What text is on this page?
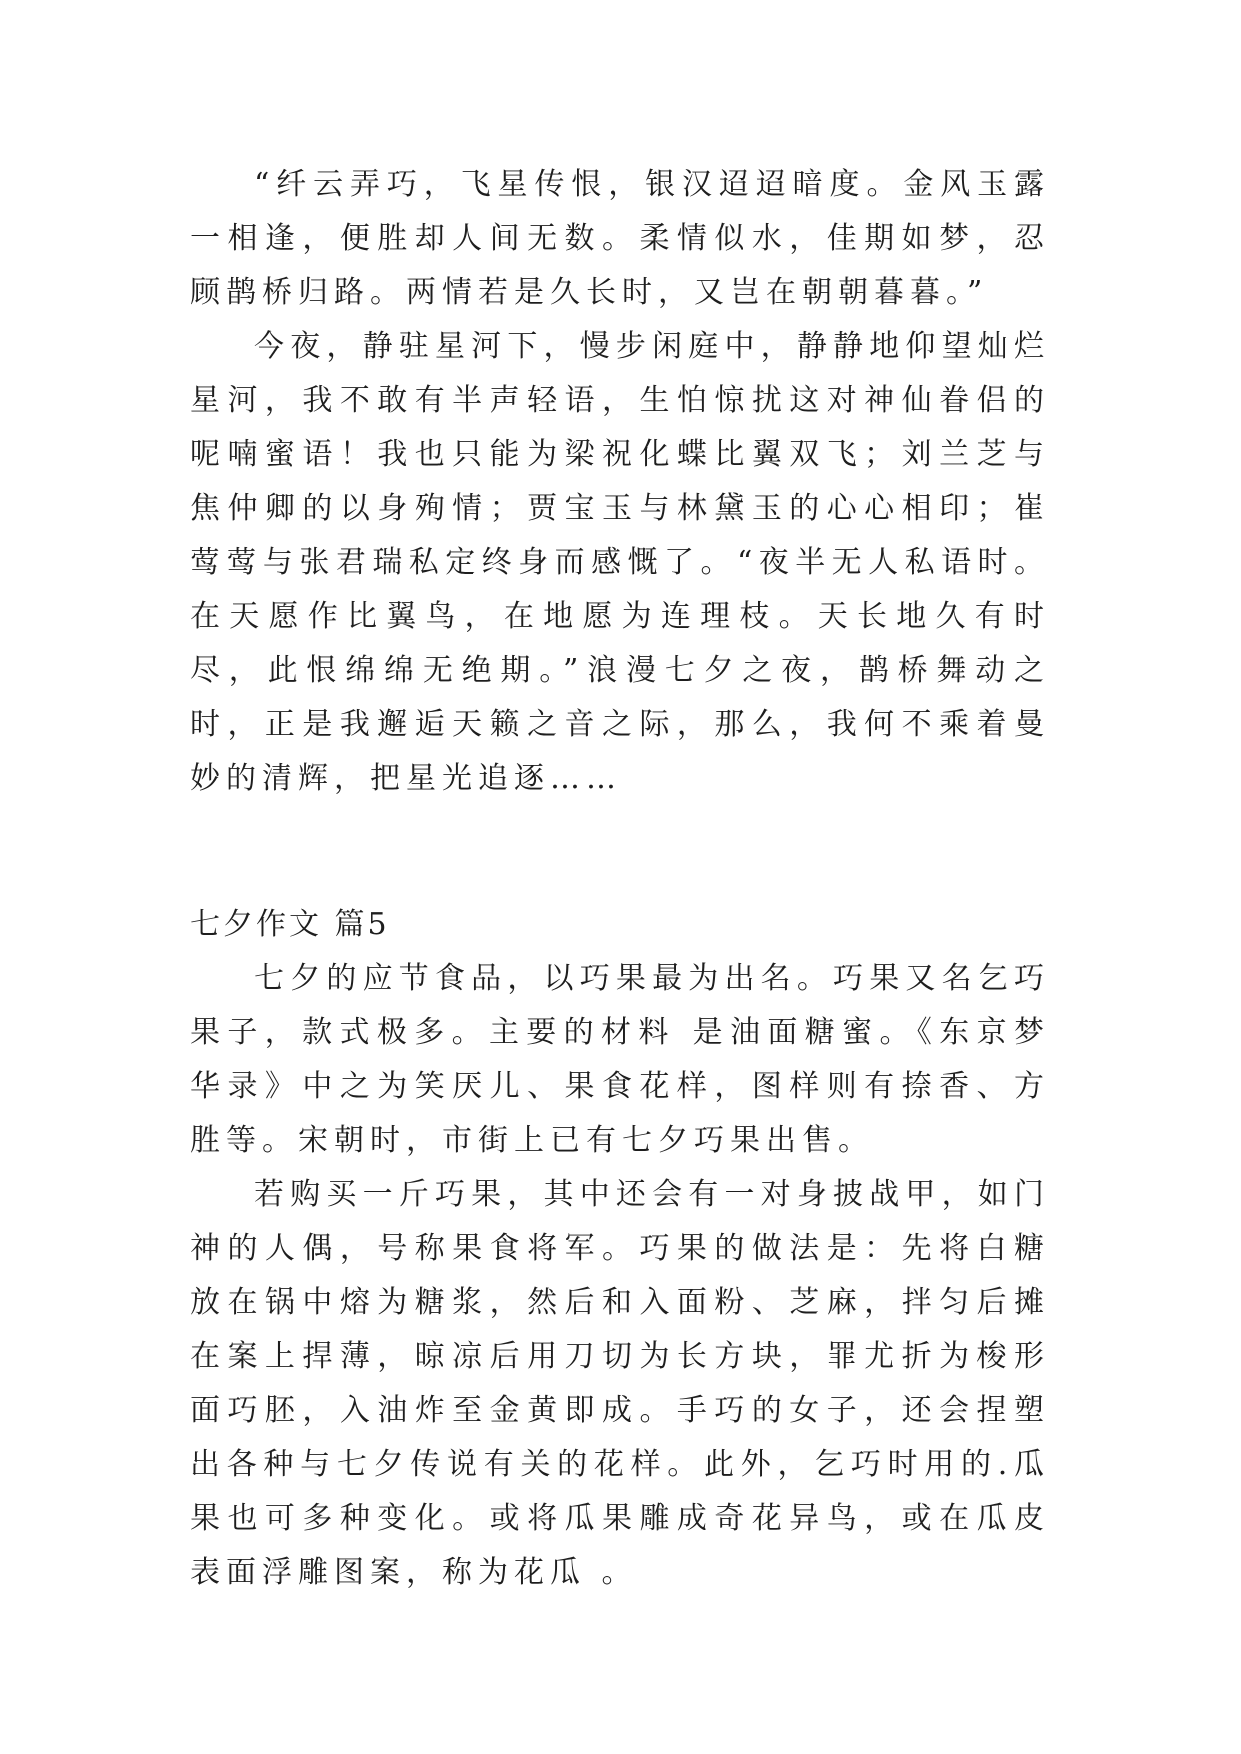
“纤云弄巧，飞星传恨，银汉迢迢暗度。金风玉露一相逢，便胜却人间无数。柔情似水，佳期如梦，忍顾鹊桥归路。两情若是久长时，又岂在朝朝暮暮。”

今夜，静驻星河下，慢步闲庭中，静静地仰望灿烂星河，我不敢有半声轻语，生怕惊扰这对神仙眷侣的呢喃蜜语！我也只能为梁祝化蝶比翼双飞；刘兰芝与焦仲卿的以身殉情；贾宝玉与林黛玉的心心相印；崔莺莺与张君瑞私定终身而感慨了。“夜半无人私语时。在天愿作比翼鸟，在地愿为连理枝。天长地久有时尽，此恨绵绵无绝期。”浪漫七夕之夜，鹊桥舞动之时，正是我邂逅天籁之音之际，那么，我何不乘着曼妙的清辉，把星光追逐……

七夕作文 篇5

七夕的应节食品，以巧果最为出名。巧果又名乞巧果子，款式极多。主要的材料 是油面糖蜜。《东京梦华录》中之为笑厌儿、果食花样，图样则有捺香、方胜等。宋朝时，市街上已有七夕巧果出售。

若购买一斤巧果，其中还会有一对身披战甲，如门神的人偶，号称果食将军。巧果的做法是：先将白糖放在锅中熔为糖浆，然后和入面粉、芝麻，拌匀后摊在案上捍薄，晾凉后用刀切为长方块，罪尤折为梭形面巧胚，入油炸至金黄即成。手巧的女子，还会捏塑出各种与七夕传说有关的花样。此外，乞巧时用的.瓜果也可多种变化。或将瓜果雕成奇花异鸟，或在瓜皮表面浮雕图案，称为花瓜 。
